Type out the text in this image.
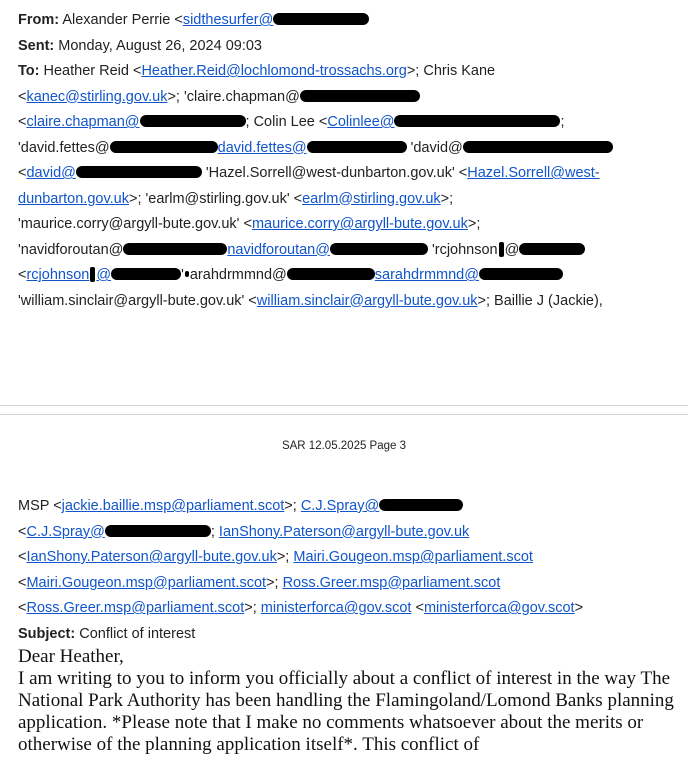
From: Alexander Perrie <sidthesurfer@
Sent: Monday, August 26, 2024 09:03
To: Heather Reid <Heather.Reid@lochlomond-trossachs.org>; Chris Kane
<kanec@stirling.gov.uk>; 'claire.chapman@
<claire.chapman@	; Colin Lee <Colinlee@	;
'david.fettes@	david.fettes@	'david@
<david@	'Hazel.Sorrell@west-dunbarton.gov.uk' <Hazel.Sorrell@west-
dunbarton.gov.uk>; 'earlm@stirling.gov.uk' <earlm@stirling.gov.uk>;
'maurice.corry@argyll-bute.gov.uk' <maurice.corry@argyll-bute.gov.uk>;
'navidforoutan@	navidforoutan@	'rcjohnson @
<rcjohnson @	' arahdrmmnd@	sarahdrmmnd@
'william.sinclair@argyll-bute.gov.uk' <william.sinclair@argyll-bute.gov.uk>; Baillie J (Jackie),
SAR 12.05.2025 Page 3
MSP <jackie.baillie.msp@parliament.scot>; C.J.Spray@
<C.J.Spray@	; IanShony.Paterson@argyll-bute.gov.uk
<IanShony.Paterson@argyll-bute.gov.uk>; Mairi.Gougeon.msp@parliament.scot
<Mairi.Gougeon.msp@parliament.scot>; Ross.Greer.msp@parliament.scot
<Ross.Greer.msp@parliament.scot>; ministerforca@gov.scot <ministerforca@gov.scot>
Subject: Conflict of interest

Dear Heather,

I am writing to you to inform you officially about a conflict of interest in the way The National Park Authority has been handling the Flamingoland/Lomond Banks planning application. *Please note that I make no comments whatsoever about the merits or otherwise of the planning application itself*. This conflict of
